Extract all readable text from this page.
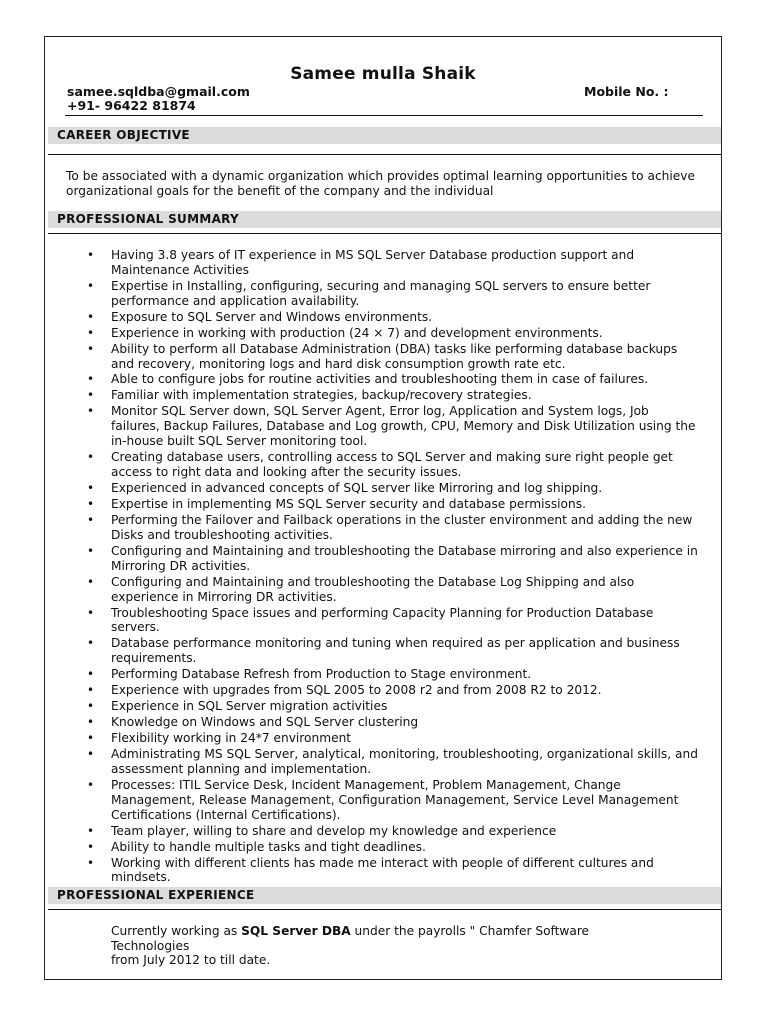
Samee mulla Shaik
samee.sqldba@gmail.com	Mobile No. :
+91- 96422 81874
CAREER OBJECTIVE

To be associated with a dynamic organization which provides optimal learning opportunities to achieve organizational goals for the benefit of the company and the individual

PROFESSIONAL SUMMARY
• Having 3.8 years of IT experience in MS SQL Server Database production support and Maintenance Activities
• Expertise in Installing, configuring, securing and managing SQL servers to ensure better performance and application availability.
• Exposure to SQL Server and Windows environments.
• Experience in working with production (24 × 7) and development environments.
• Ability to perform all Database Administration (DBA) tasks like performing database backups and recovery, monitoring logs and hard disk consumption growth rate etc.
• Able to configure jobs for routine activities and troubleshooting them in case of failures.
• Familiar with implementation strategies, backup/recovery strategies.
• Monitor SQL Server down, SQL Server Agent, Error log, Application and System logs, Job failures, Backup Failures, Database and Log growth, CPU, Memory and Disk Utilization using the in-house built SQL Server monitoring tool.
• Creating database users, controlling access to SQL Server and making sure right people get access to right data and looking after the security issues.
• Experienced in advanced concepts of SQL server like Mirroring and log shipping.
• Expertise in implementing MS SQL Server security and database permissions.
• Performing the Failover and Failback operations in the cluster environment and adding the new Disks and troubleshooting activities.
• Configuring and Maintaining and troubleshooting the Database mirroring and also experience in Mirroring DR activities.
• Configuring and Maintaining and troubleshooting the Database Log Shipping and also experience in Mirroring DR activities.
• Troubleshooting Space issues and performing Capacity Planning for Production Database servers.
• Database performance monitoring and tuning when required as per application and business requirements.
• Performing Database Refresh from Production to Stage environment.
• Experience with upgrades from SQL 2005 to 2008 r2 and from 2008 R2 to 2012.
• Experience in SQL Server migration activities
• Knowledge on Windows and SQL Server clustering
• Flexibility working in 24*7 environment
• Administrating MS SQL Server, analytical, monitoring, troubleshooting, organizational skills, and assessment planning and implementation.
• Processes: ITIL Service Desk, Incident Management, Problem Management, Change Management, Release Management, Configuration Management, Service Level Management Certifications (Internal Certifications).
• Team player, willing to share and develop my knowledge and experience
• Ability to handle multiple tasks and tight deadlines.
• Working with different clients has made me interact with people of different cultures and mindsets.
PROFESSIONAL EXPERIENCE

Currently working as SQL Server DBA under the payrolls " Chamfer Software Technologies
from July 2012 to till date.
